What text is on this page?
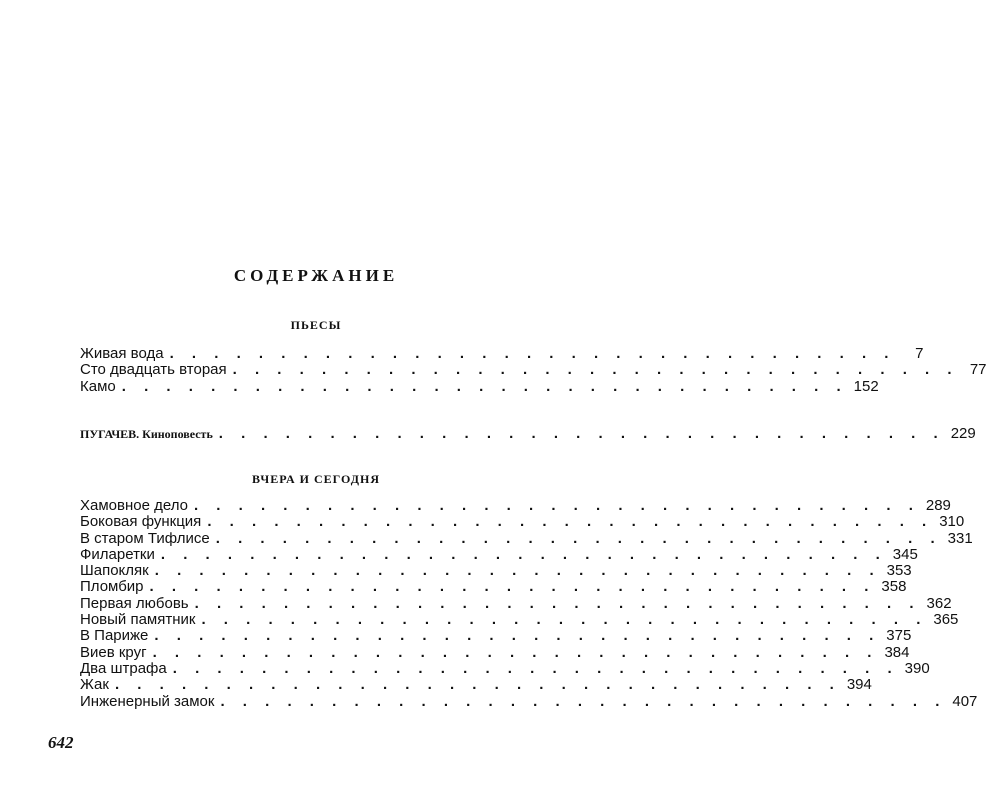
СОДЕРЖАНИЕ
ПЬЕСЫ
Живая вода . . . . . . . . . . . . . . . . . . . . . . . . . . . . . . . . .	7
Сто двадцать вторая . . . . . . . . . . . . . . . . . . . . . . . . . . . . . . . . . 77
Камо . . . . . . . . . . . . . . . . . . . . . . . . . . . . . . . . . 152
ПУГАЧЕВ. Киноповесть . . . . . . . . . . . . . . . . . . . . . . . . . . . . . . . . . 229
ВЧЕРА И СЕГОДНЯ
Хамовное дело . . . . . . . . . . . . . . . . . . . . . . . . . . . . . . . . . 289
Боковая функция . . . . . . . . . . . . . . . . . . . . . . . . . . . . . . . . . 310
В старом Тифлисе . . . . . . . . . . . . . . . . . . . . . . . . . . . . . . . . . 331
Филаретки . . . . . . . . . . . . . . . . . . . . . . . . . . . . . . . . . 345
Шапокляк . . . . . . . . . . . . . . . . . . . . . . . . . . . . . . . . . 353
Пломбир . . . . . . . . . . . . . . . . . . . . . . . . . . . . . . . . . 358
Первая любовь . . . . . . . . . . . . . . . . . . . . . . . . . . . . . . . . . 362
Новый памятник . . . . . . . . . . . . . . . . . . . . . . . . . . . . . . . . . 365
В Париже . . . . . . . . . . . . . . . . . . . . . . . . . . . . . . . . . 375
Виев круг . . . . . . . . . . . . . . . . . . . . . . . . . . . . . . . . . 384
Два штрафа . . . . . . . . . . . . . . . . . . . . . . . . . . . . . . . . . 390
Жак . . . . . . . . . . . . . . . . . . . . . . . . . . . . . . . . . 394
Инженерный замок . . . . . . . . . . . . . . . . . . . . . . . . . . . . . . . . . 407
642
